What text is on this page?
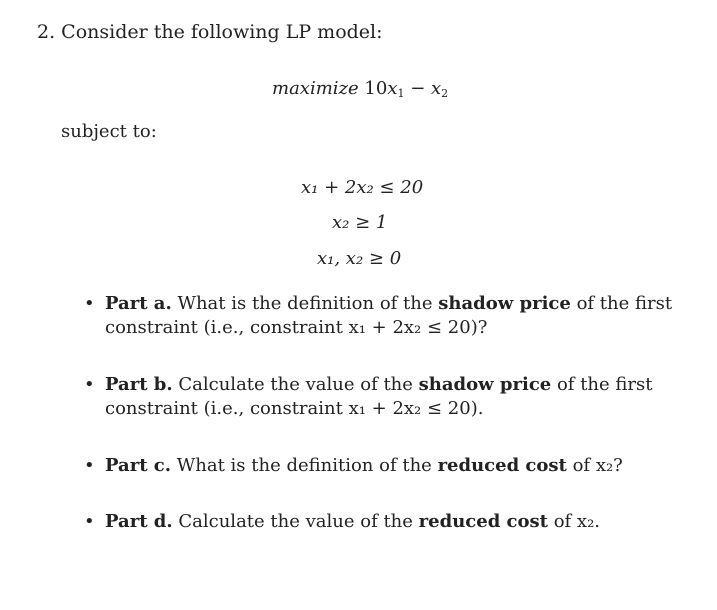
2. Consider the following LP model:
maximize $10x_1 - x_2$
subject to:
x₁ + 2x₂ ≤ 20
x₂ ≥ 1
x₁, x₂ ≥ 0
• Part a. What is the definition of the shadow price of the first
constraint (i.e., constraint x₁ + 2x₂ ≤ 20)?
• Part b. Calculate the value of the shadow price of the first
constraint (i.e., constraint x₁ + 2x₂ ≤ 20).
• Part c. What is the definition of the reduced cost of x₂?
• Part d. Calculate the value of the reduced cost of x₂.
